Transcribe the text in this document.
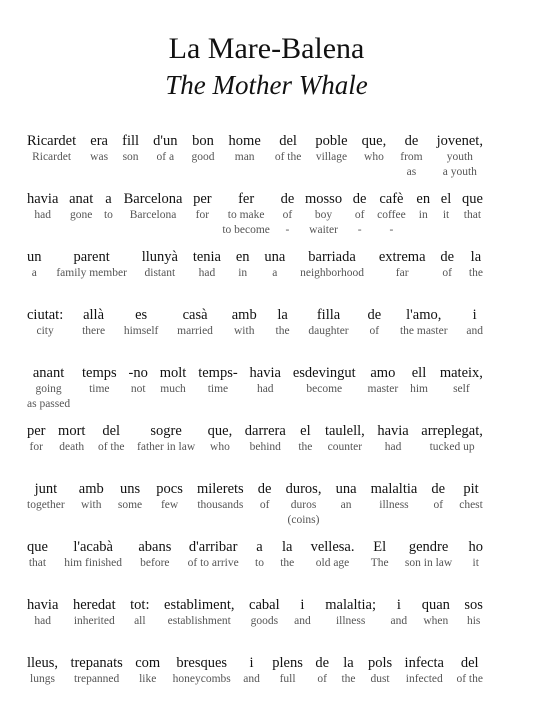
La Mare-Balena
The Mother Whale
Ricardet
Ricardet
era
was
fill
son
d'un
of a
bon
good
home
man
del
of the
poble
village
que,
who
de
from
as
jovenet,
youth
a youth
havia
had
anat
gone
a
to
Barcelona
Barcelona
per
for
fer
to make
to become
de
of
-
mosso
boy
waiter
de
of
-
cafè
coffee
-
en
in
el
it
que
that
un
a
parent
family member
llunyà
distant
tenia
had
en
in
una
a
barriada
neighborhood
extrema
far
de
of
la
the
ciutat:
city
allà
there
es
himself
casà
married
amb
with
la
the
filla
daughter
de
of
l'amo,
the master
i
and
anant
going
as passed
temps
time
-no
not
molt
much
temps-
time
havia
had
esdevingut
become
amo
master
ell
him
mateix,
self
per
for
mort
death
del
of the
sogre
father in law
que,
who
darrera
behind
el
the
taulell,
counter
havia
had
arreplegat,
tucked up
junt
together
amb
with
uns
some
pocs
few
milerets
thousands
de
of
duros,
duros
(coins)
una
an
malaltia
illness
de
of
pit
chest
que
that
l'acabà
him finished
abans
before
d'arribar
of to arrive
a
to
la
the
vellesa.
old age
El
The
gendre
son in law
ho
it
havia
had
heredat
inherited
tot:
all
establiment,
establishment
cabal
goods
i
and
malaltia;
illness
i
and
quan
when
sos
his
lleus,
lungs
trepanats
trepanned
com
like
bresques
honeycombs
i
and
plens
full
de
of
la
the
pols
dust
infecta
infected
del
of the
